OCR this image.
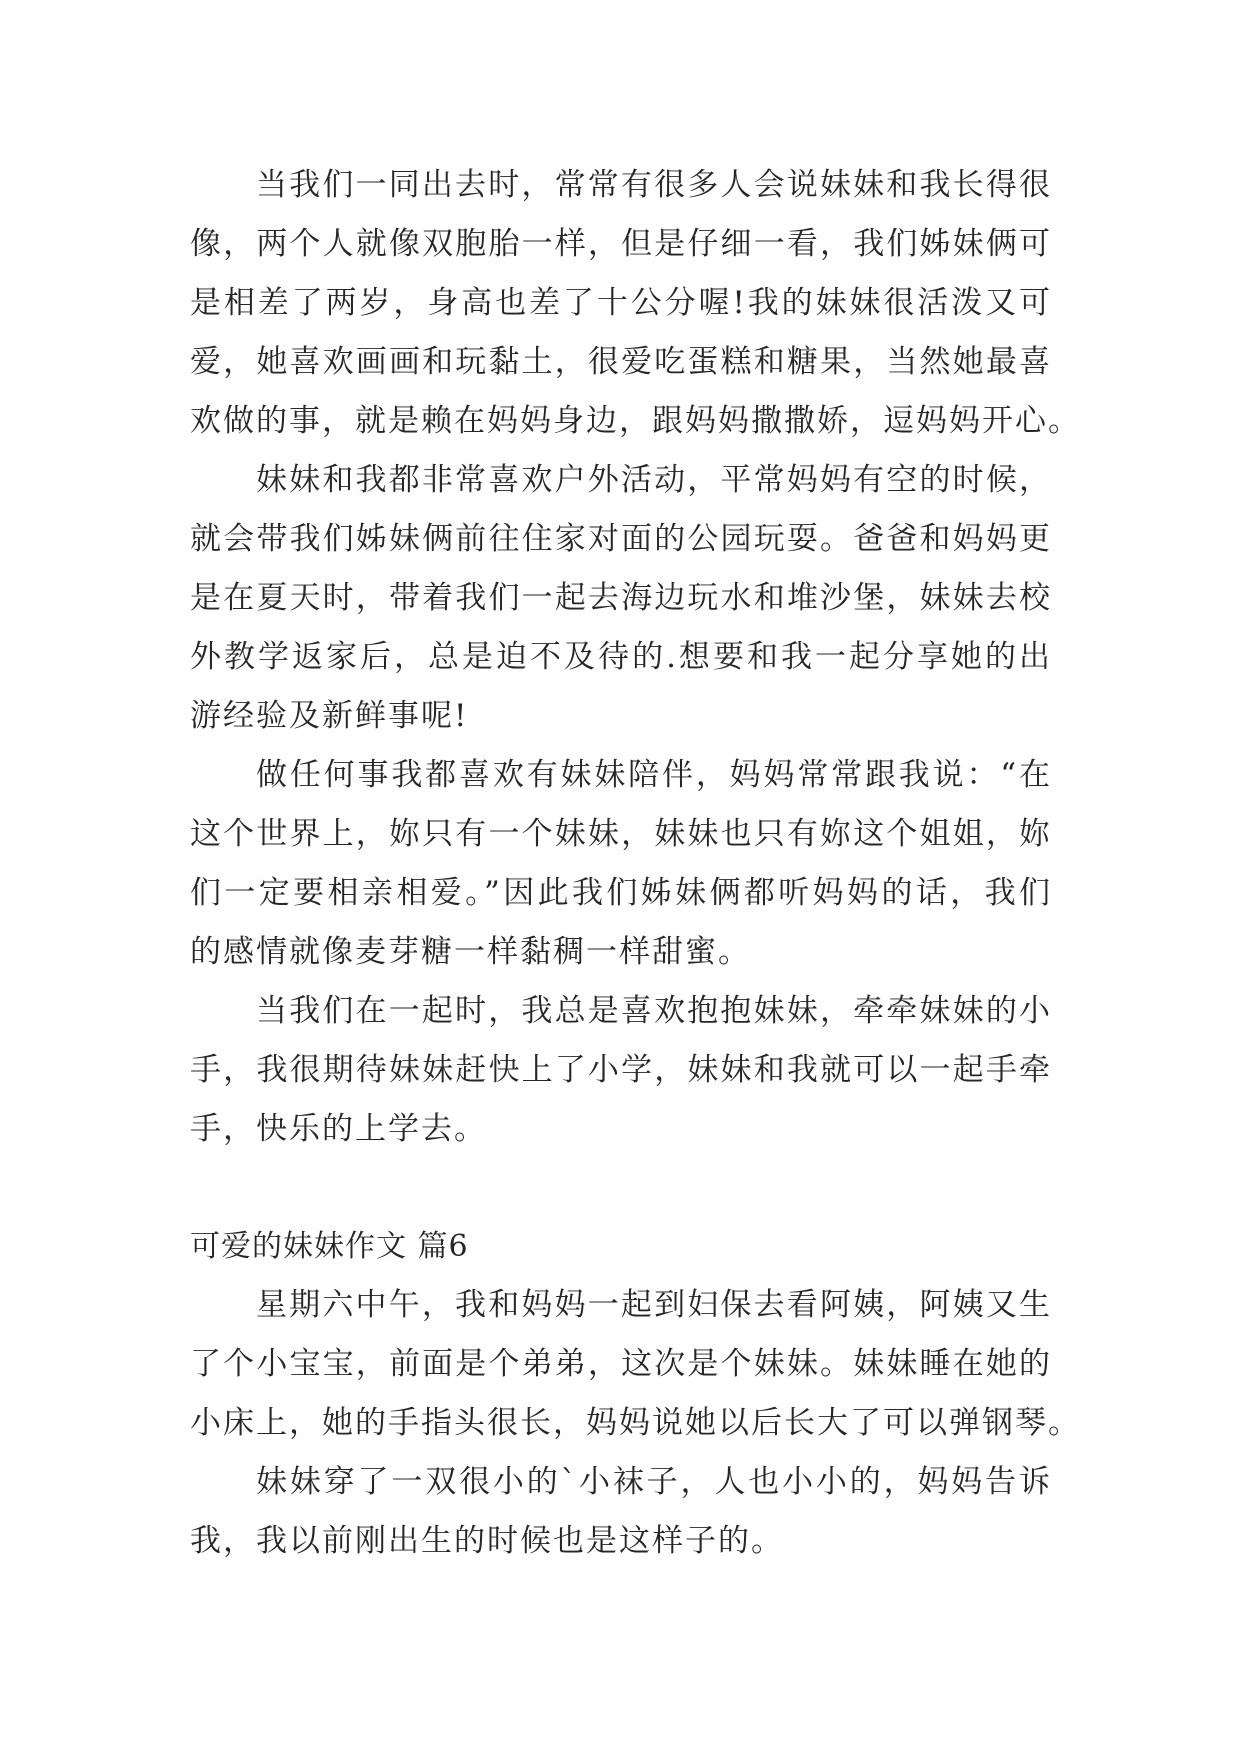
当我们一同出去时，常常有很多人会说妹妹和我长得很
像，两个人就像双胞胎一样，但是仔细一看，我们姊妹俩可
是相差了两岁，身高也差了十公分喔!我的妹妹很活泼又可
爱，她喜欢画画和玩黏土，很爱吃蛋糕和糖果，当然她最喜
欢做的事，就是赖在妈妈身边，跟妈妈撒撒娇，逗妈妈开心。
妹妹和我都非常喜欢户外活动，平常妈妈有空的时候，
就会带我们姊妹俩前往住家对面的公园玩耍。爸爸和妈妈更
是在夏天时，带着我们一起去海边玩水和堆沙堡，妹妹去校
外教学返家后，总是迫不及待的.想要和我一起分享她的出
游经验及新鲜事呢!
做任何事我都喜欢有妹妹陪伴，妈妈常常跟我说：“在
这个世界上，妳只有一个妹妹，妹妹也只有妳这个姐姐，妳
们一定要相亲相爱。”因此我们姊妹俩都听妈妈的话，我们
的感情就像麦芽糖一样黏稠一样甜蜜。
当我们在一起时，我总是喜欢抱抱妹妹，牵牵妹妹的小
手，我很期待妹妹赶快上了小学，妹妹和我就可以一起手牵
手，快乐的上学去。
可爱的妹妹作文 篇6
星期六中午，我和妈妈一起到妇保去看阿姨，阿姨又生
了个小宝宝，前面是个弟弟，这次是个妹妹。妹妹睡在她的
小床上，她的手指头很长，妈妈说她以后长大了可以弹钢琴。
妹妹穿了一双很小的`小袜子，人也小小的，妈妈告诉
我，我以前刚出生的时候也是这样子的。
